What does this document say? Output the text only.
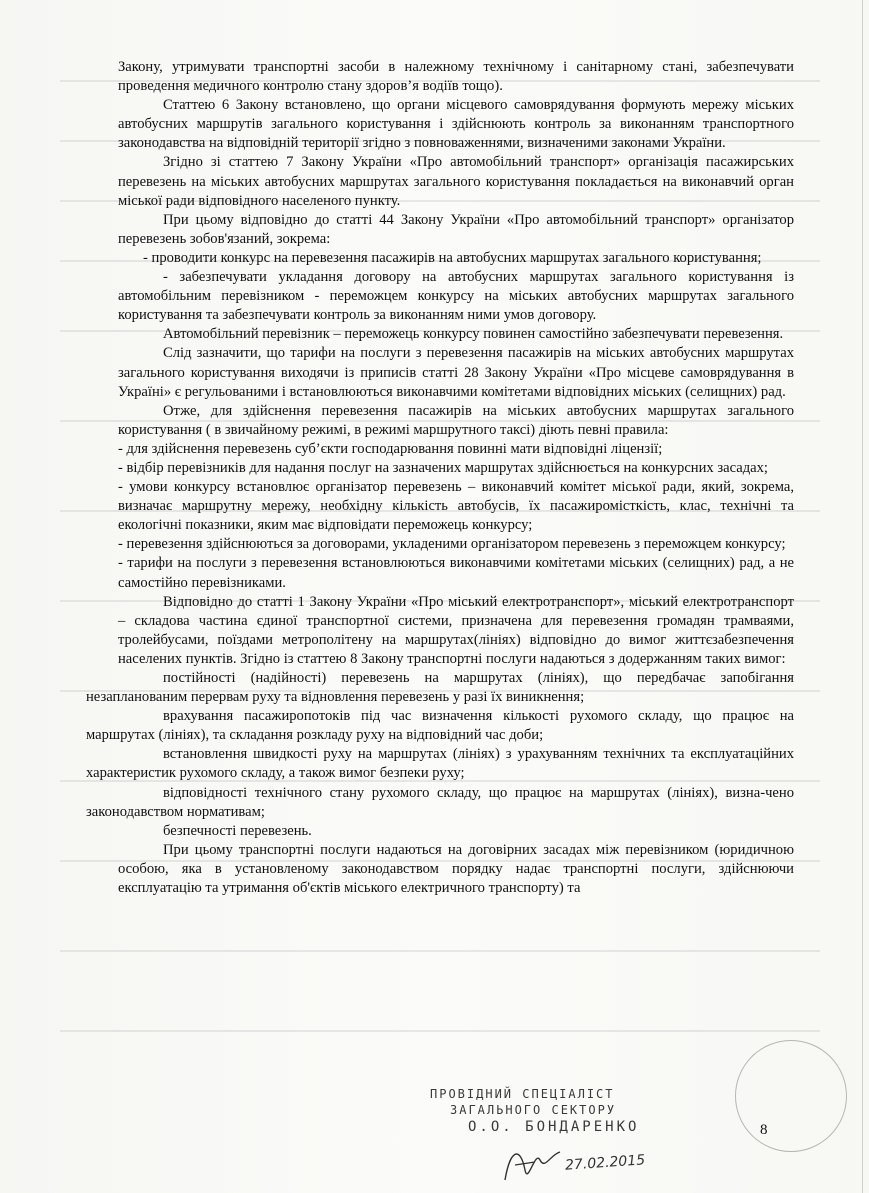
Закону, утримувати транспортні засоби в належному технічному і санітарному стані, забезпечувати проведення медичного контролю стану здоров’я водіїв тощо).

Статтею 6 Закону встановлено, що органи місцевого самоврядування формують мережу міських автобусних маршрутів загального користування і здійснюють контроль за виконанням транспортного законодавства на відповідній території згідно з повноваженнями, визначеними законами України.

Згідно зі статтею 7 Закону України «Про автомобільний транспорт» організація пасажирських перевезень на міських автобусних маршрутах загального користування покладається на виконавчий орган міської ради відповідного населеного пункту.

При цьому відповідно до статті 44 Закону України «Про автомобільний транспорт» організатор перевезень зобов'язаний, зокрема:

- проводити конкурс на перевезення пасажирів на автобусних маршрутах загального користування;

- забезпечувати укладання договору на автобусних маршрутах загального користування із автомобільним перевізником - переможцем конкурсу на міських автобусних маршрутах загального користування та забезпечувати контроль за виконанням ними умов договору.

Автомобільний перевізник – переможець конкурсу повинен самостійно забезпечувати перевезення.

Слід зазначити, що тарифи на послуги з перевезення пасажирів на міських автобусних маршрутах загального користування виходячи із приписів статті 28 Закону України «Про місцеве самоврядування в Україні» є регульованими і встановлюються виконавчими комітетами відповідних міських (селищних) рад.

Отже, для здійснення перевезення пасажирів на міських автобусних маршрутах загального користування ( в звичайному режимі, в режимі маршрутного таксі) діють певні правила:

- для здійснення перевезень суб’єкти господарювання повинні мати відповідні ліцензії;

- відбір перевізників для надання послуг на зазначених маршрутах здійснюється на конкурсних засадах;

- умови конкурсу встановлює організатор перевезень – виконавчий комітет міської ради, який, зокрема, визначає маршрутну мережу, необхідну кількість автобусів, їх пасажиромісткість, клас, технічні та екологічні показники, яким має відповідати переможець конкурсу;

- перевезення здійснюються за договорами, укладеними організатором перевезень з переможцем конкурсу;

- тарифи на послуги з перевезення встановлюються виконавчими комітетами міських (селищних) рад, а не самостійно перевізниками.

Відповідно до статті 1 Закону України «Про міський електротранспорт», міський електротранспорт – складова частина єдиної транспортної системи, призначена для перевезення громадян трамваями, тролейбусами, поїздами метрополітену на маршрутах(лініях) відповідно до вимог життєзабезпечення населених пунктів. Згідно із статтею 8 Закону транспортні послуги надаються з додержанням таких вимог:

постійності (надійності) перевезень на маршрутах (лініях), що передбачає запобігання незапланованим перервам руху та відновлення перевезень у разі їх виникнення;

врахування пасажиропотоків під час визначення кількості рухомого складу, що працює на маршрутах (лініях), та складання розкладу руху на відповідний час доби;

встановлення швидкості руху на маршрутах (лініях) з урахуванням технічних та експлуатаційних характеристик рухомого складу, а також вимог безпеки руху;

відповідності технічного стану рухомого складу, що працює на маршрутах (лініях), визна-чено законодавством нормативам;

безпечності перевезень.

При цьому транспортні послуги надаються на договірних засадах між перевізником (юридичною особою, яка в установленому законодавством порядку надає транспортні послуги, здійснюючи експлуатацію та утримання об'єктів міського електричного транспорту) та

ПРОВІДНИЙ СПЕЦІАЛІСТ
ЗАГАЛЬНОГО СЕКТОРУ
О.О. БОНДАРЕНКО	8
27.02.2015
